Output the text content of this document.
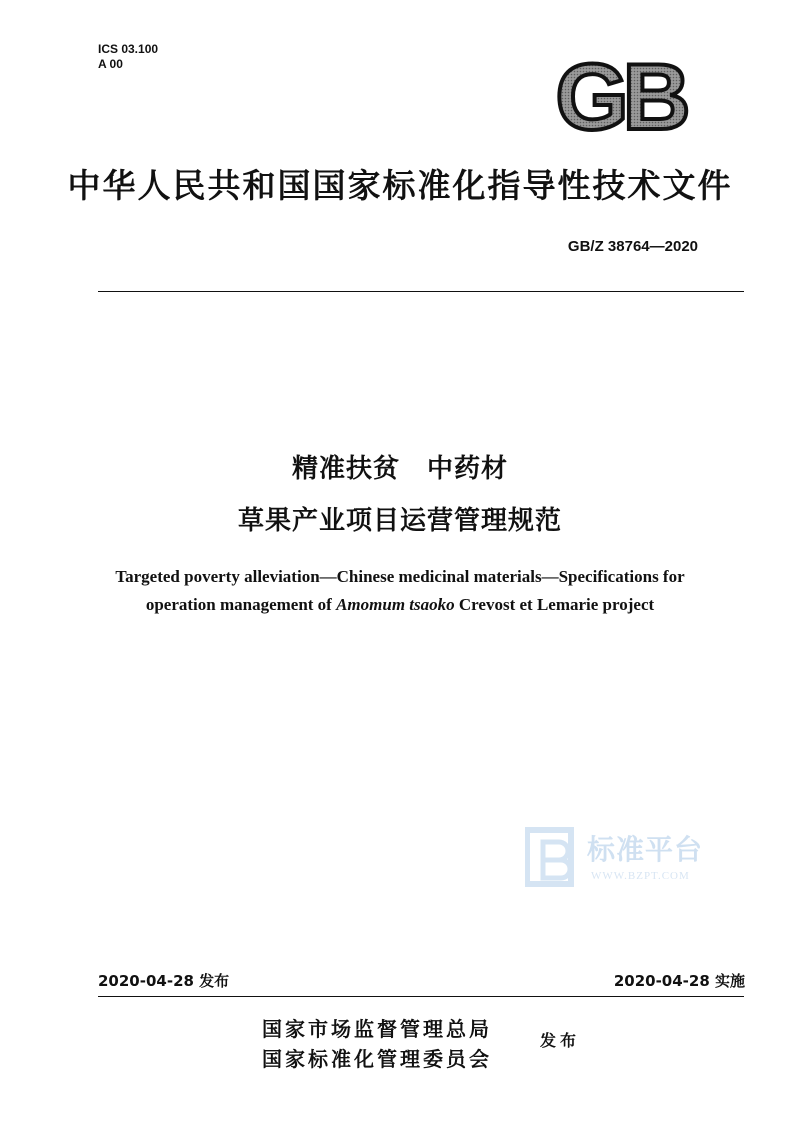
ICS 03.100
A 00	GB
中华人民共和国国家标准化指导性技术文件
GB/Z 38764—2020
精准扶贫　中药材
草果产业项目运营管理规范
Targeted poverty alleviation—Chinese medicinal materials—Specifications for
operation management of Amomum tsaoko Crevost et Lemarie project
标准平台
WWW.BZPT.COM
2020-04-28 发布	2020-04-28 实施
国家市场监督管理总局
国家标准化管理委员会
发布
